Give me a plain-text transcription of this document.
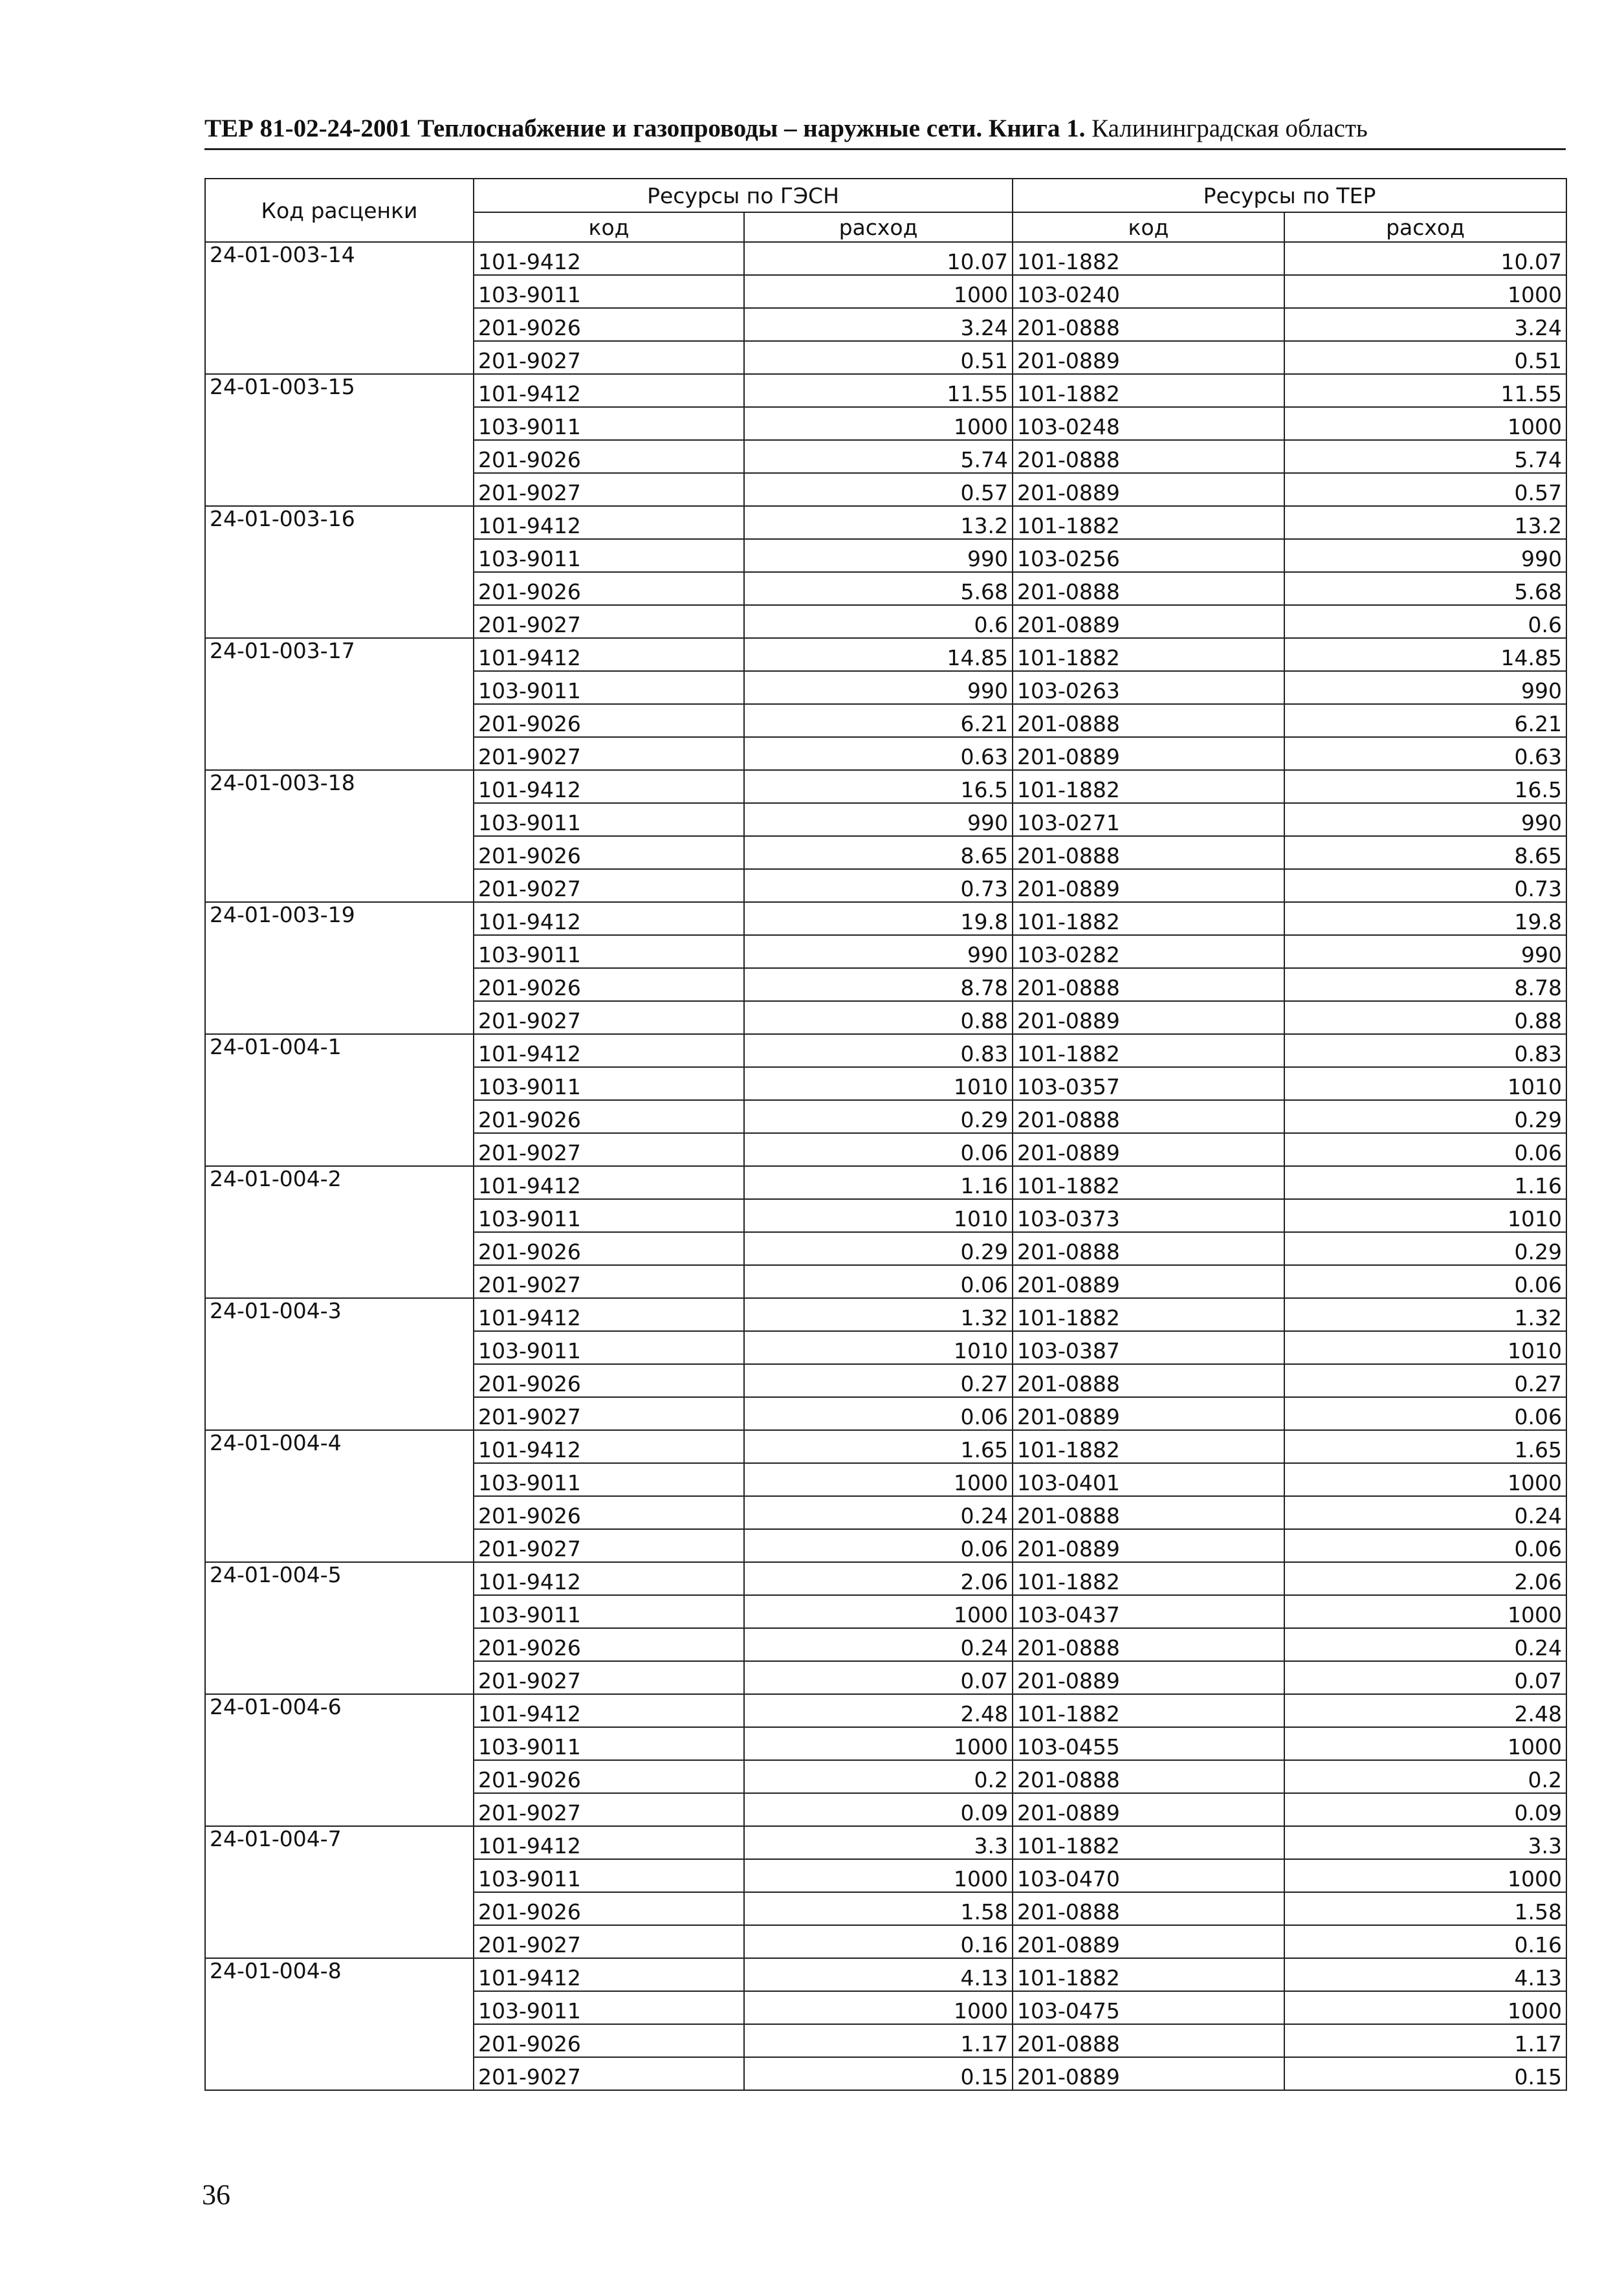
ТЕР 81-02-24-2001 Теплоснабжение и газопроводы – наружные сети. Книга 1. Калининградская область
Код расценки	Ресурсы по ГЭСН		Ресурсы по ТЕР	
	код	расход	код	расход
24-01-003-14	101-9412	10.07	101-1882	10.07
	103-9011	1000	103-0240	1000
	201-9026	3.24	201-0888	3.24
	201-9027	0.51	201-0889	0.51
24-01-003-15	101-9412	11.55	101-1882	11.55
	103-9011	1000	103-0248	1000
	201-9026	5.74	201-0888	5.74
	201-9027	0.57	201-0889	0.57
24-01-003-16	101-9412	13.2	101-1882	13.2
	103-9011	990	103-0256	990
	201-9026	5.68	201-0888	5.68
	201-9027	0.6	201-0889	0.6
24-01-003-17	101-9412	14.85	101-1882	14.85
	103-9011	990	103-0263	990
	201-9026	6.21	201-0888	6.21
	201-9027	0.63	201-0889	0.63
24-01-003-18	101-9412	16.5	101-1882	16.5
	103-9011	990	103-0271	990
	201-9026	8.65	201-0888	8.65
	201-9027	0.73	201-0889	0.73
24-01-003-19	101-9412	19.8	101-1882	19.8
	103-9011	990	103-0282	990
	201-9026	8.78	201-0888	8.78
	201-9027	0.88	201-0889	0.88
24-01-004-1	101-9412	0.83	101-1882	0.83
	103-9011	1010	103-0357	1010
	201-9026	0.29	201-0888	0.29
	201-9027	0.06	201-0889	0.06
24-01-004-2	101-9412	1.16	101-1882	1.16
	103-9011	1010	103-0373	1010
	201-9026	0.29	201-0888	0.29
	201-9027	0.06	201-0889	0.06
24-01-004-3	101-9412	1.32	101-1882	1.32
	103-9011	1010	103-0387	1010
	201-9026	0.27	201-0888	0.27
	201-9027	0.06	201-0889	0.06
24-01-004-4	101-9412	1.65	101-1882	1.65
	103-9011	1000	103-0401	1000
	201-9026	0.24	201-0888	0.24
	201-9027	0.06	201-0889	0.06
24-01-004-5	101-9412	2.06	101-1882	2.06
	103-9011	1000	103-0437	1000
	201-9026	0.24	201-0888	0.24
	201-9027	0.07	201-0889	0.07
24-01-004-6	101-9412	2.48	101-1882	2.48
	103-9011	1000	103-0455	1000
	201-9026	0.2	201-0888	0.2
	201-9027	0.09	201-0889	0.09
24-01-004-7	101-9412	3.3	101-1882	3.3
	103-9011	1000	103-0470	1000
	201-9026	1.58	201-0888	1.58
	201-9027	0.16	201-0889	0.16
24-01-004-8	101-9412	4.13	101-1882	4.13
	103-9011	1000	103-0475	1000
	201-9026	1.17	201-0888	1.17
	201-9027	0.15	201-0889	0.15
36
